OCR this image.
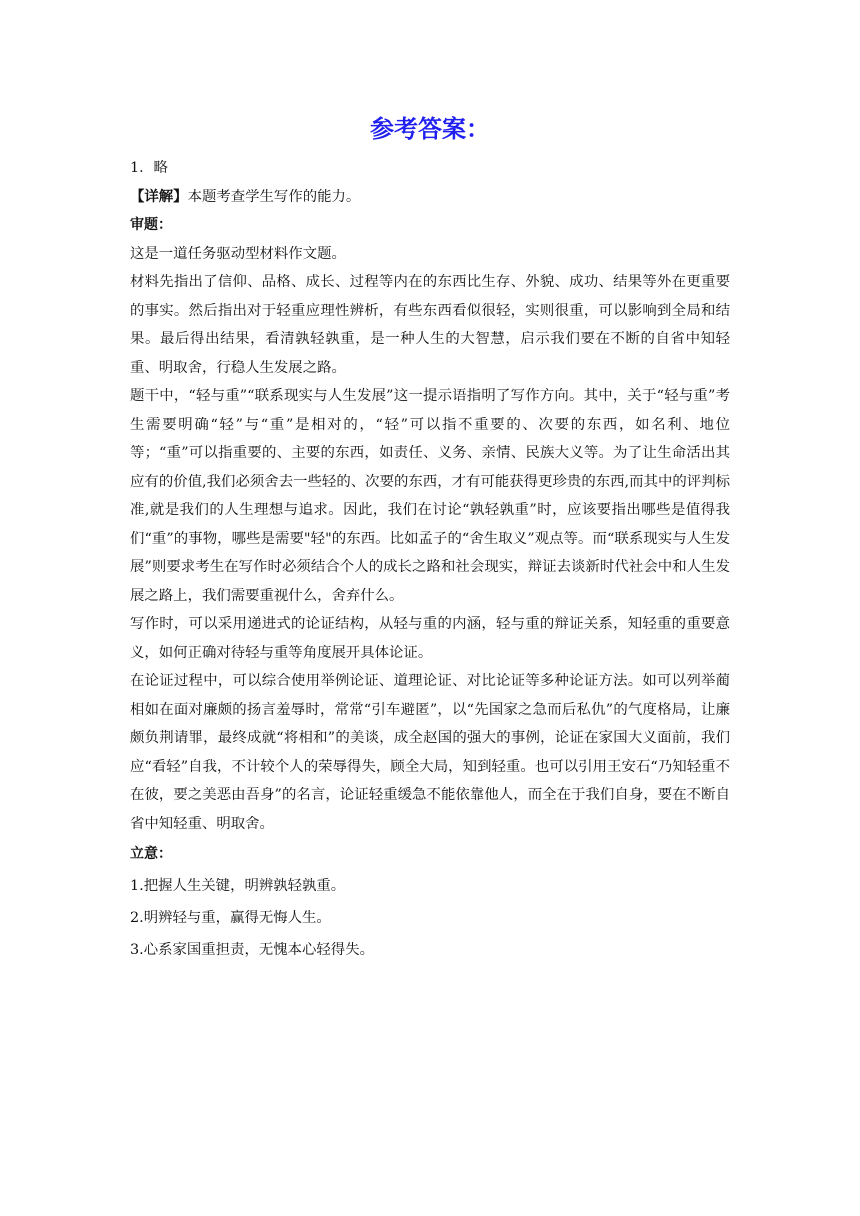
参考答案：

1．略

【详解】本题考查学生写作的能力。

审题：

这是一道任务驱动型材料作文题。

材料先指出了信仰、品格、成长、过程等内在的东西比生存、外貌、成功、结果等外在更重要的事实。然后指出对于轻重应理性辨析，有些东西看似很轻，实则很重，可以影响到全局和结果。最后得出结果，看清孰轻孰重，是一种人生的大智慧，启示我们要在不断的自省中知轻重、明取舍，行稳人生发展之路。

题干中，“轻与重”“联系现实与人生发展”这一提示语指明了写作方向。其中，关于“轻与重”考生需要明确“轻”与“重”是相对的，“轻”可以指不重要的、次要的东西，如名利、地位等；“重”可以指重要的、主要的东西，如责任、义务、亲情、民族大义等。为了让生命活出其应有的价值,我们必须舍去一些轻的、次要的东西，才有可能获得更珍贵的东西,而其中的评判标准,就是我们的人生理想与追求。因此，我们在讨论“孰轻孰重”时，应该要指出哪些是值得我们“重”的事物，哪些是需要"轻"的东西。比如孟子的“舍生取义”观点等。而“联系现实与人生发展”则要求考生在写作时必须结合个人的成长之路和社会现实，辩证去谈新时代社会中和人生发展之路上，我们需要重视什么，舍弃什么。

写作时，可以采用递进式的论证结构，从轻与重的内涵，轻与重的辩证关系，知轻重的重要意义，如何正确对待轻与重等角度展开具体论证。

在论证过程中，可以综合使用举例论证、道理论证、对比论证等多种论证方法。如可以列举蔺相如在面对廉颇的扬言羞辱时，常常“引车避匿”，以“先国家之急而后私仇”的气度格局，让廉颇负荆请罪，最终成就“将相和”的美谈，成全赵国的强大的事例，论证在家国大义面前，我们应“看轻”自我，不计较个人的荣辱得失，顾全大局，知到轻重。也可以引用王安石“乃知轻重不在彼，要之美恶由吾身”的名言，论证轻重缓急不能依靠他人，而全在于我们自身，要在不断自省中知轻重、明取舍。

立意：

1.把握人生关键，明辨孰轻孰重。

2.明辨轻与重，赢得无悔人生。

3.心系家国重担责，无愧本心轻得失。
